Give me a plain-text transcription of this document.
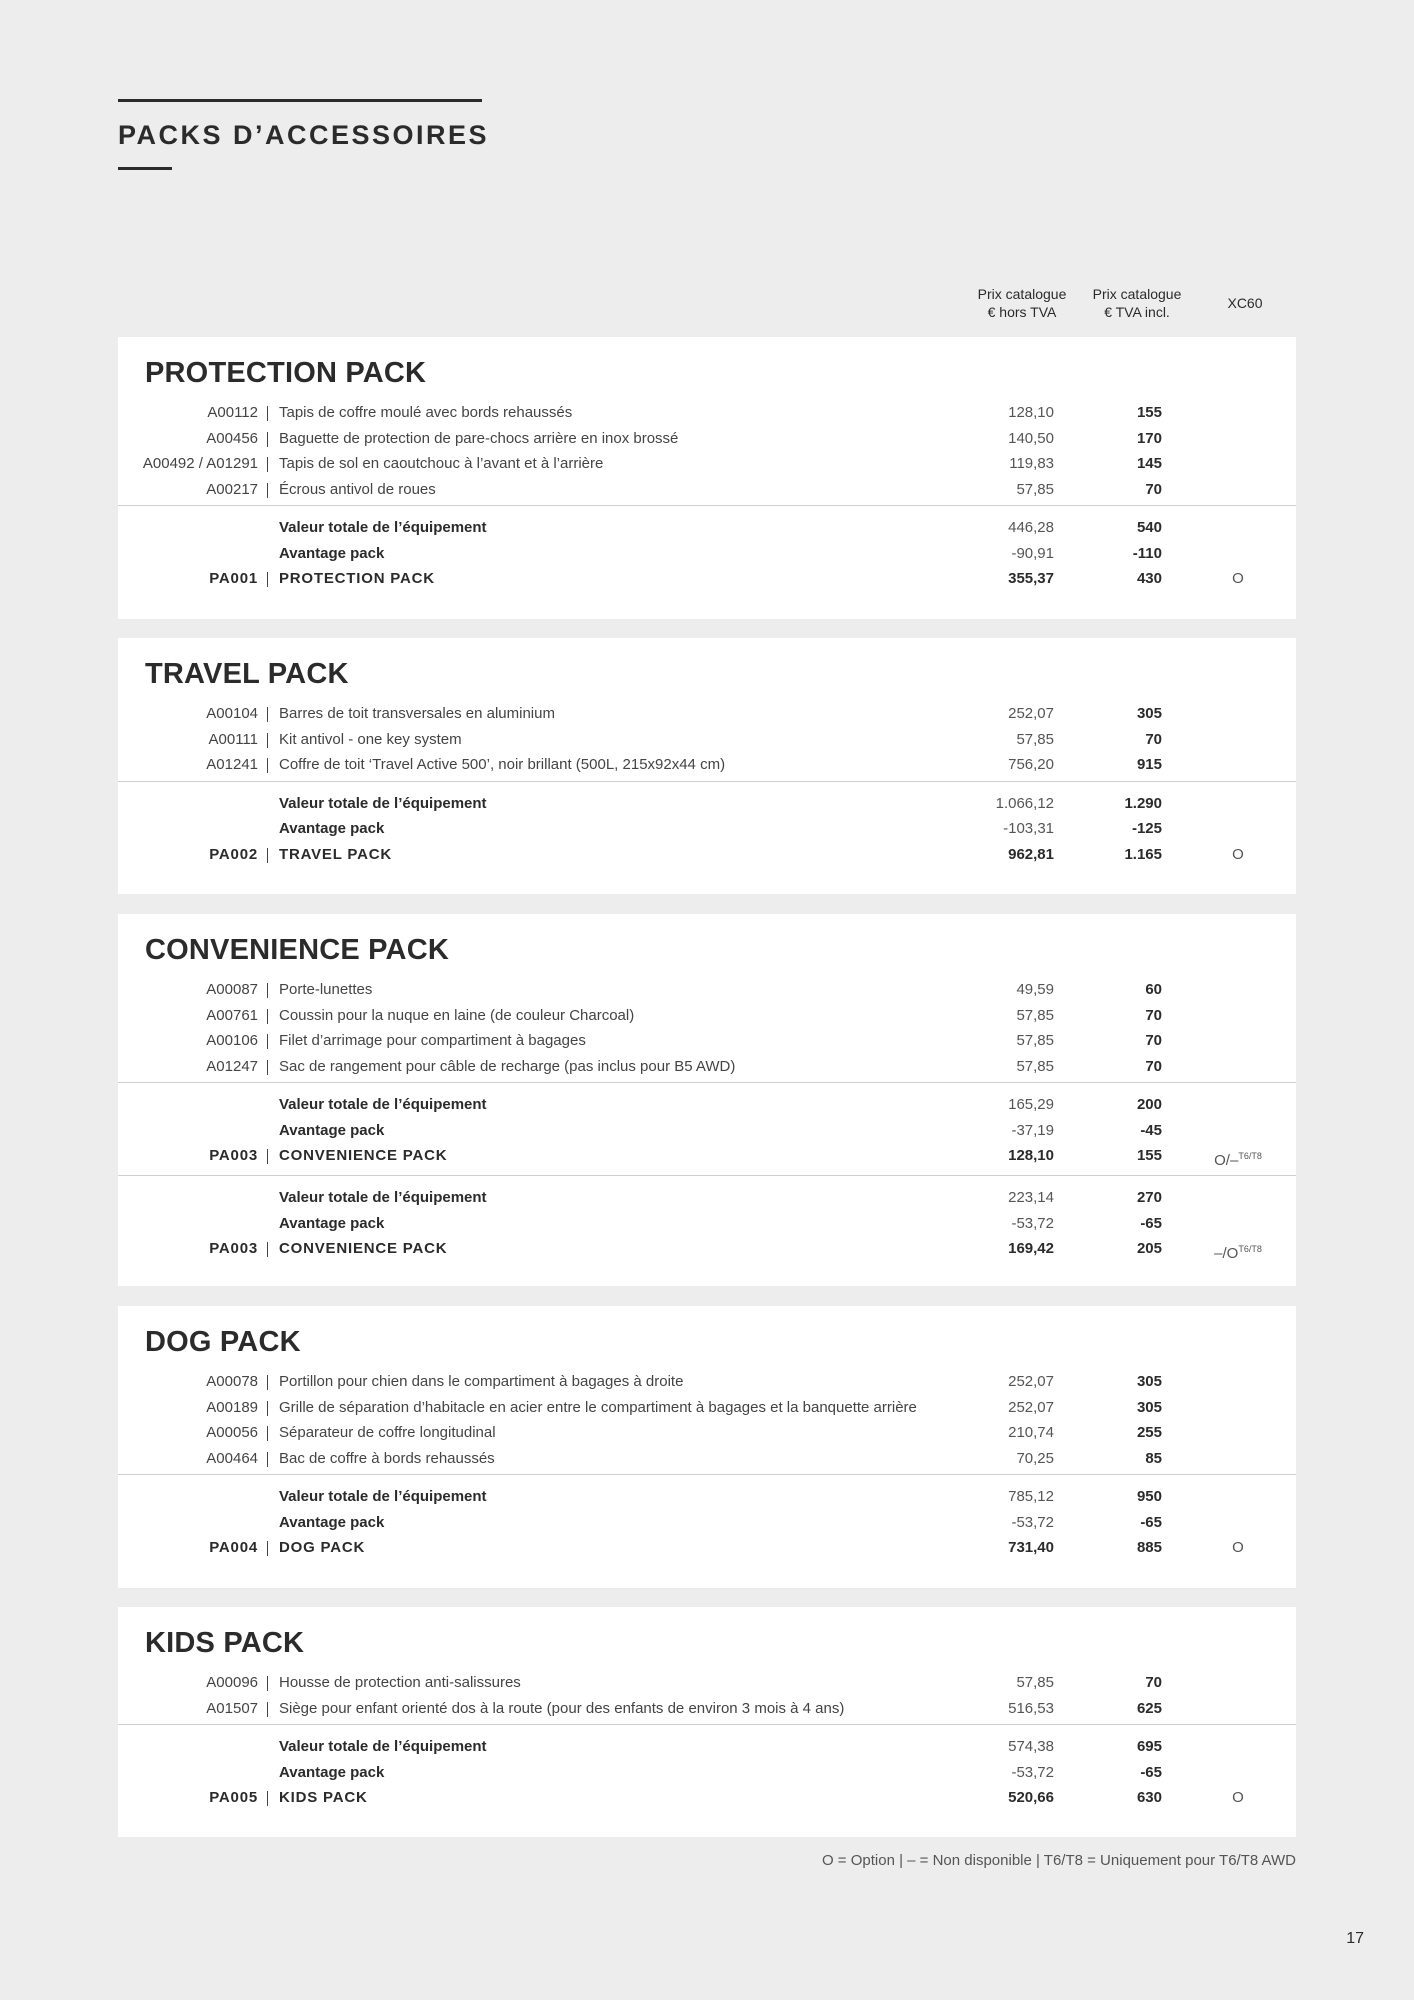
PACKS D’ACCESSOIRES
Prix catalogue
€ hors TVA
Prix catalogue
€ TVA incl.
XC60
PROTECTION PACK
A00112 Tapis de coffre moulé avec bords rehaussés	128,10	155
A00456 Baguette de protection de pare-chocs arrière en inox brossé	140,50	170
A00492 / A01291 Tapis de sol en caoutchouc à l’avant et à l’arrière	119,83	145
A00217 Écrous antivol de roues	57,85	70
Valeur totale de l’équipement	446,28	540
Avantage pack	-90,91	-110
PA001 PROTECTION PACK	355,37	430	O
TRAVEL PACK
A00104 Barres de toit transversales en aluminium	252,07	305
A00111 Kit antivol - one key system	57,85	70
A01241 Coffre de toit ‘Travel Active 500’, noir brillant (500L, 215x92x44 cm)	756,20	915
Valeur totale de l’équipement	1.066,12	1.290
Avantage pack	-103,31	-125
PA002 TRAVEL PACK	962,81	1.165	O
CONVENIENCE PACK
A00087 Porte-lunettes	49,59	60
A00761 Coussin pour la nuque en laine (de couleur Charcoal)	57,85	70
A00106 Filet d’arrimage pour compartiment à bagages	57,85	70
A01247 Sac de rangement pour câble de recharge (pas inclus pour B5 AWD)	57,85	70
Valeur totale de l’équipement	165,29	200
Avantage pack	-37,19	-45
PA003 CONVENIENCE PACK	128,10	155	O/–$^{T6/T8}$
Valeur totale de l’équipement	223,14	270
Avantage pack	-53,72	-65
PA003 CONVENIENCE PACK	169,42	205	$-/O^{T6/T8}$
DOG PACK
A00078 Portillon pour chien dans le compartiment à bagages à droite	252,07	305
A00189 Grille de séparation d’habitacle en acier entre le compartiment à bagages et la banquette arrière	252,07	305
A00056 Séparateur de coffre longitudinal	210,74	255
A00464 Bac de coffre à bords rehaussés	70,25	85
Valeur totale de l’équipement	785,12	950
Avantage pack	-53,72	-65
PA004 DOG PACK	731,40	885	O
KIDS PACK
A00096 Housse de protection anti-salissures	57,85	70
A01507 Siège pour enfant orienté dos à la route (pour des enfants de environ 3 mois à 4 ans)	516,53	625
Valeur totale de l’équipement	574,38	695
Avantage pack	-53,72	-65
PA005 KIDS PACK	520,66	630	O
O = Option | – = Non disponible | T6/T8 = Uniquement pour T6/T8 AWD
17
